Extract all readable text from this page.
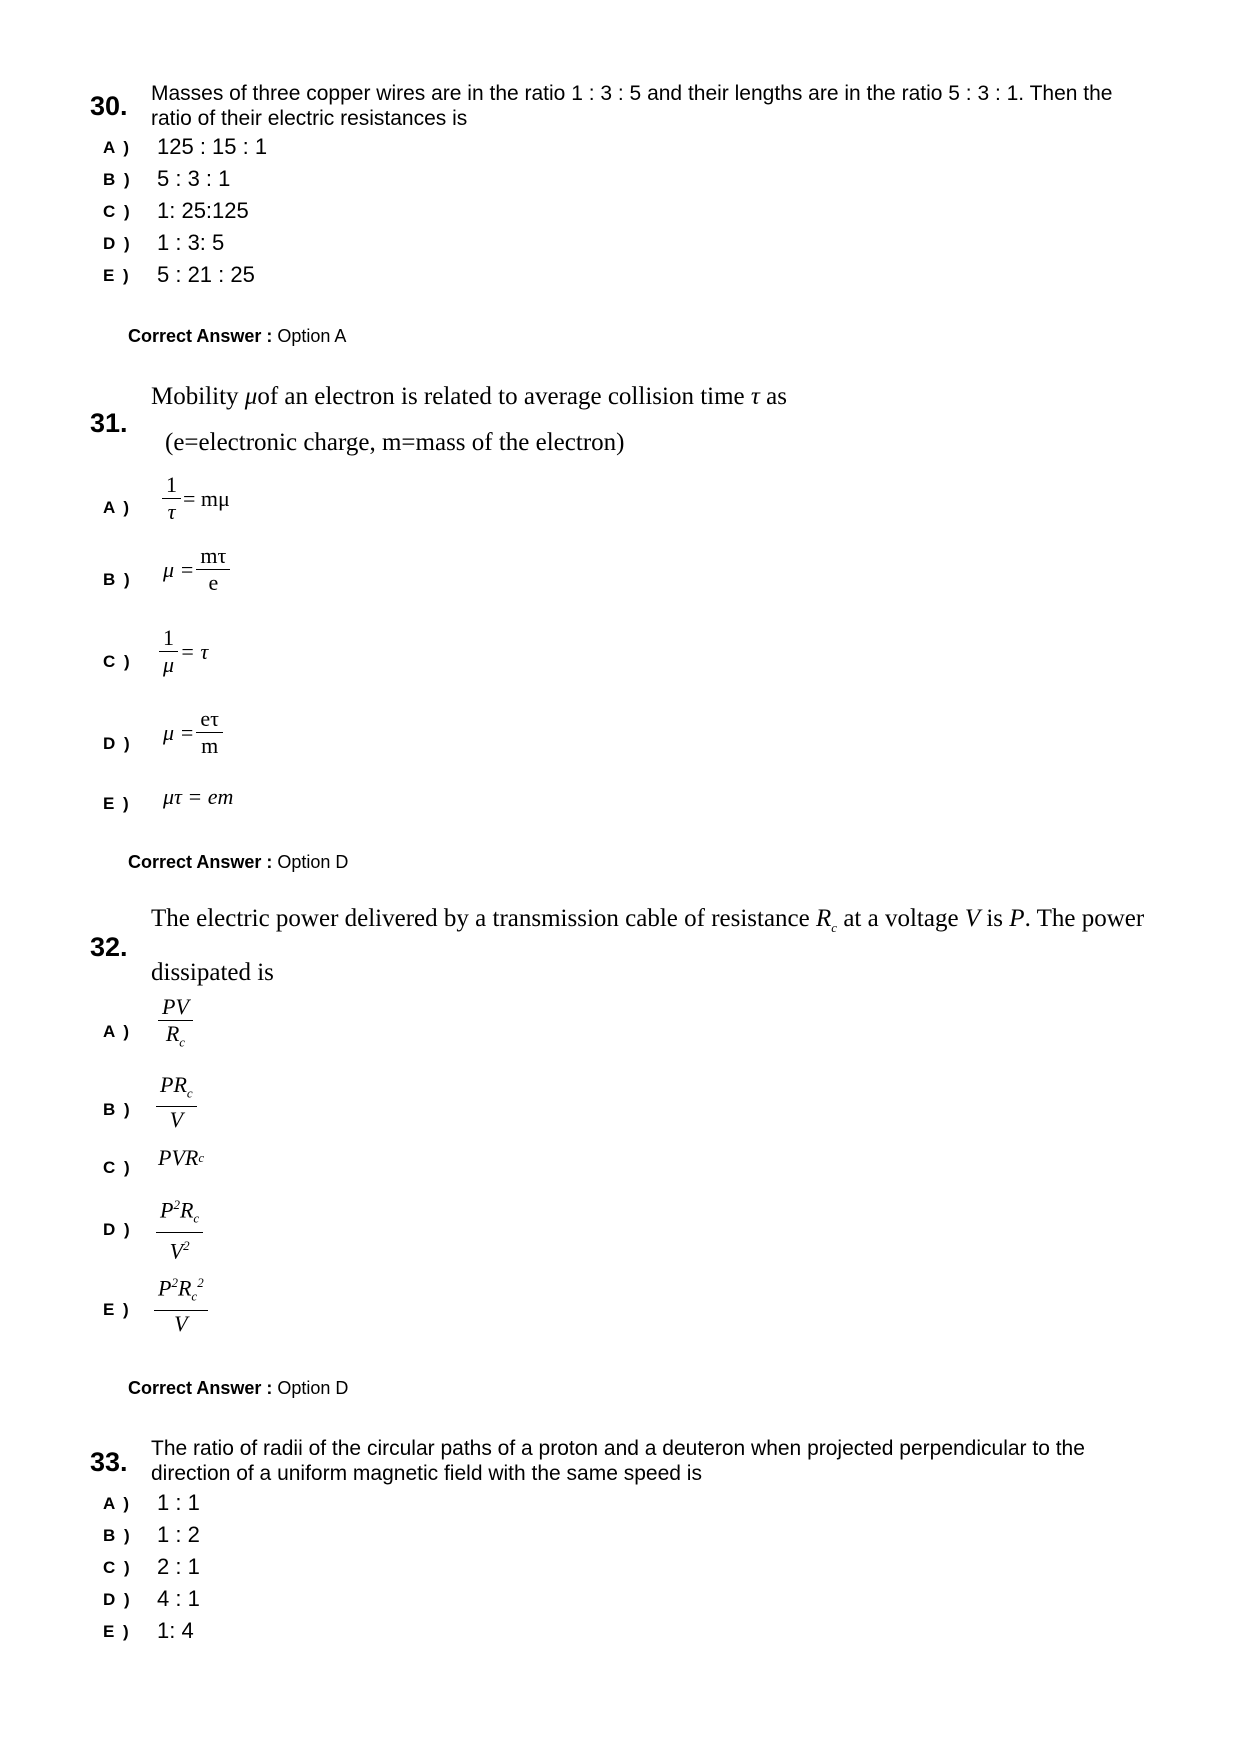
30. Masses of three copper wires are in the ratio 1 : 3 : 5 and their lengths are in the ratio 5 : 3 : 1. Then the ratio of their electric resistances is
A ) 125 : 15 : 1
B ) 5 : 3 : 1
C ) 1: 25:125
D ) 1 : 3: 5
E ) 5 : 21 : 25
Correct Answer : Option A
31.
Mobility μof an electron is related to average collision time τ as
(e=electronic charge, m=mass of the electron)
A ) $\frac{1}{\tau} = m\mu$
B ) $\mu = \frac{m\tau}{e}$
C ) $\frac{1}{\mu} = \tau$
D ) $\mu = \frac{e\tau}{m}$
E ) μτ = em
Correct Answer : Option D
32.
The electric power delivered by a transmission cable of resistance $R_c$ at a voltage V is P. The power dissipated is
A )
PV
$R_c$
B )
$PR_c$
V
C ) PVR c
D )
$P^2R_c$
$V^2$
E )
$P^2R_c^2$
V
Correct Answer : Option D
33. The ratio of radii of the circular paths of a proton and a deuteron when projected perpendicular to the direction of a uniform magnetic field with the same speed is
A ) 1 : 1
B ) 1 : 2
C ) 2 : 1
D ) 4 : 1
E ) 1: 4
